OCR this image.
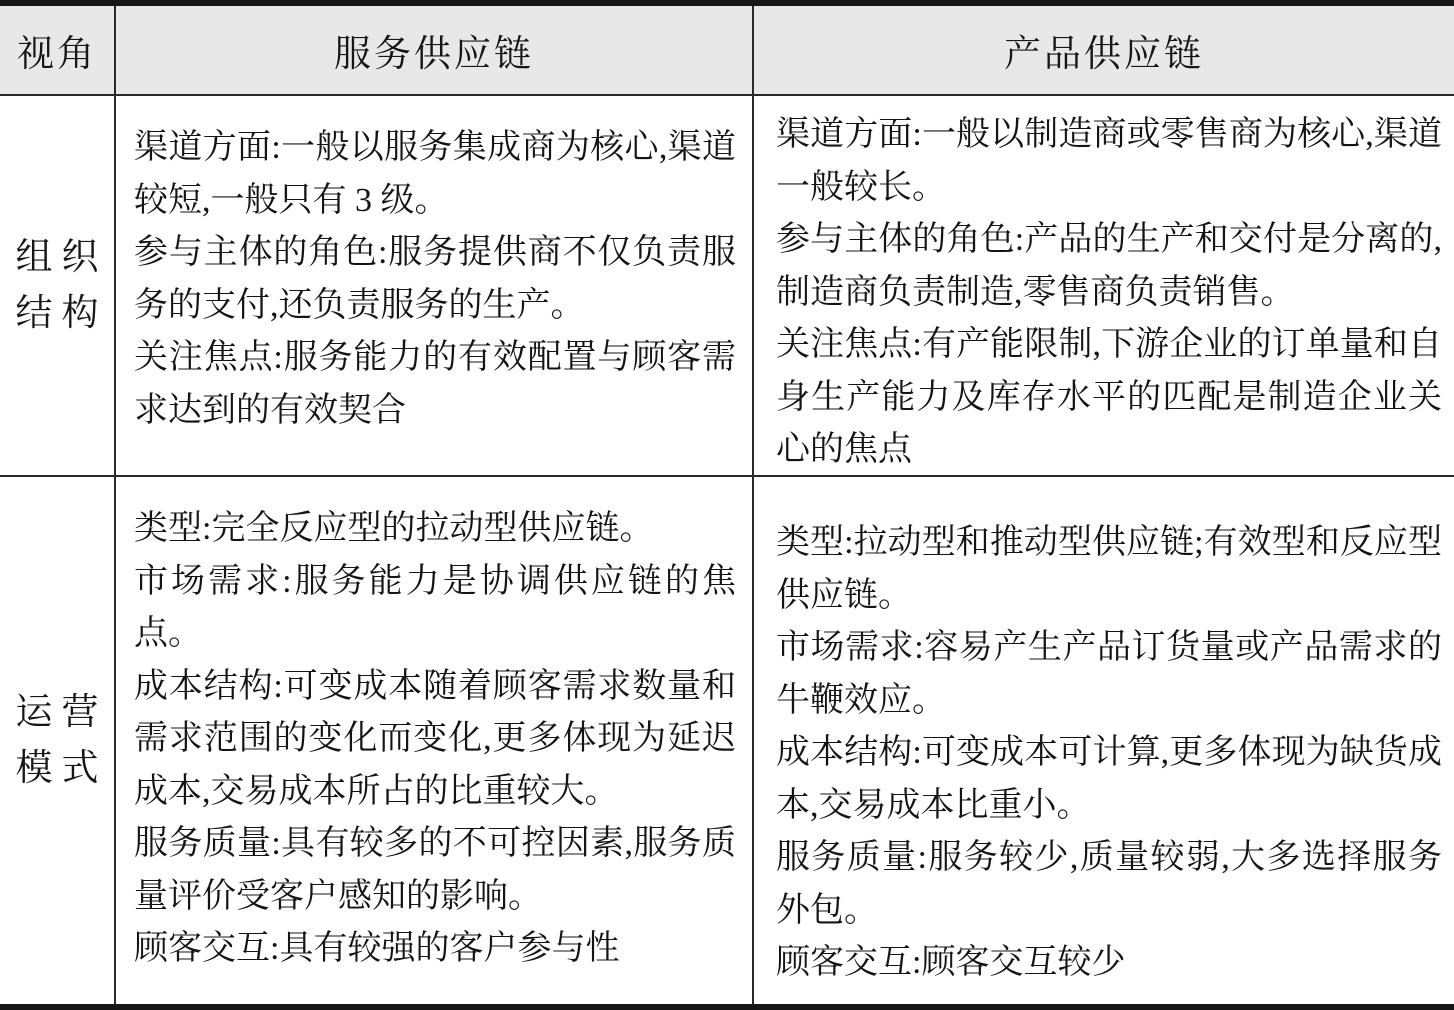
视角	服务供应链	产品供应链
组织
结构

渠道方面:一般以服务集成商为核心,渠道较短,一般只有 3 级。

参与主体的角色:服务提供商不仅负责服务的支付,还负责服务的生产。

关注焦点:服务能力的有效配置与顾客需求达到的有效契合

渠道方面:一般以制造商或零售商为核心,渠道一般较长。

参与主体的角色:产品的生产和交付是分离的,制造商负责制造,零售商负责销售。

关注焦点:有产能限制,下游企业的订单量和自身生产能力及库存水平的匹配是制造企业关心的焦点

运营
模式

类型:完全反应型的拉动型供应链。

市场需求:服务能力是协调供应链的焦点。

成本结构:可变成本随着顾客需求数量和需求范围的变化而变化,更多体现为延迟成本,交易成本所占的比重较大。

服务质量:具有较多的不可控因素,服务质量评价受客户感知的影响。

顾客交互:具有较强的客户参与性

类型:拉动型和推动型供应链;有效型和反应型供应链。

市场需求:容易产生产品订货量或产品需求的牛鞭效应。

成本结构:可变成本可计算,更多体现为缺货成本,交易成本比重小。

服务质量:服务较少,质量较弱,大多选择服务外包。

顾客交互:顾客交互较少
